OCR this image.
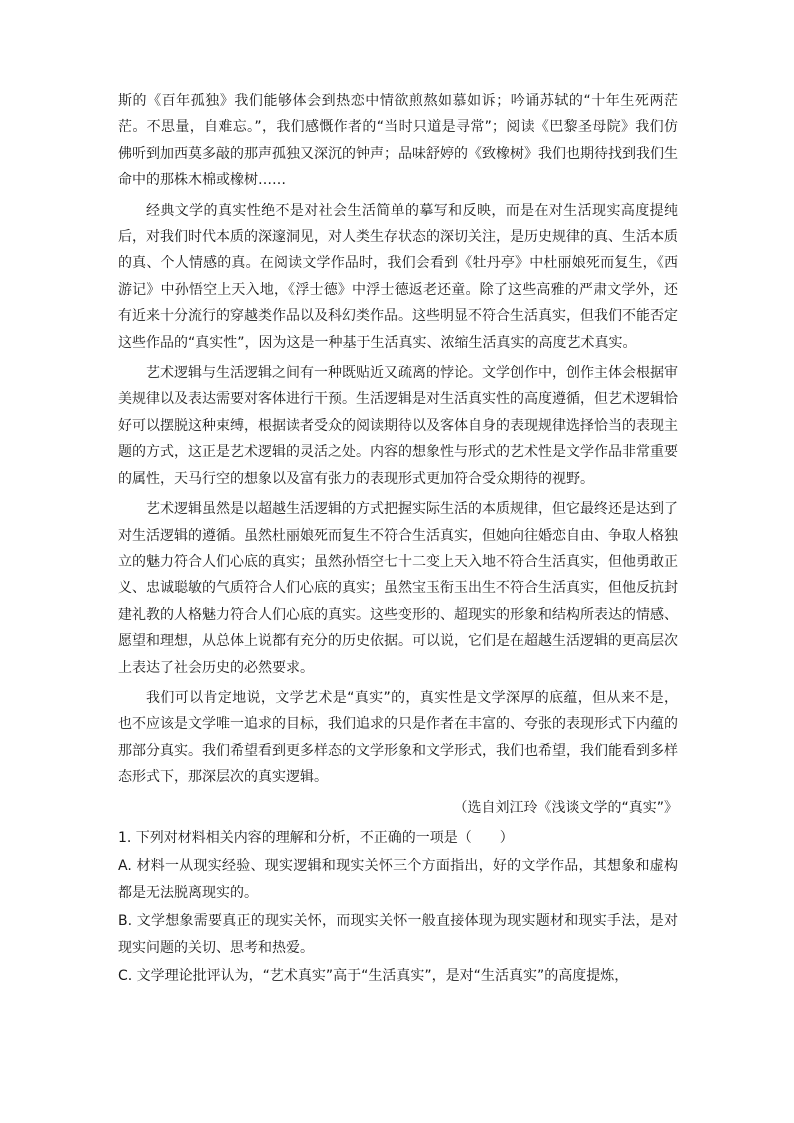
斯的《百年孤独》我们能够体会到热恋中情欲煎熬如慕如诉；吟诵苏轼的“十年生死两茫茫。不思量，自难忘。”，我们感慨作者的“当时只道是寻常”；阅读《巴黎圣母院》我们仿佛听到加西莫多敲的那声孤独又深沉的钟声；品味舒婷的《致橡树》我们也期待找到我们生命中的那株木棉或橡树……

经典文学的真实性绝不是对社会生活简单的摹写和反映，而是在对生活现实高度提纯后，对我们时代本质的深邃洞见，对人类生存状态的深切关注，是历史规律的真、生活本质的真、个人情感的真。在阅读文学作品时，我们会看到《牡丹亭》中杜丽娘死而复生，《西游记》中孙悟空上天入地，《浮士德》中浮士德返老还童。除了这些高雅的严肃文学外，还有近来十分流行的穿越类作品以及科幻类作品。这些明显不符合生活真实，但我们不能否定这些作品的“真实性”，因为这是一种基于生活真实、浓缩生活真实的高度艺术真实。

艺术逻辑与生活逻辑之间有一种既贴近又疏离的悖论。文学创作中，创作主体会根据审美规律以及表达需要对客体进行干预。生活逻辑是对生活真实性的高度遵循，但艺术逻辑恰好可以摆脱这种束缚，根据读者受众的阅读期待以及客体自身的表现规律选择恰当的表现主题的方式，这正是艺术逻辑的灵活之处。内容的想象性与形式的艺术性是文学作品非常重要的属性，天马行空的想象以及富有张力的表现形式更加符合受众期待的视野。

艺术逻辑虽然是以超越生活逻辑的方式把握实际生活的本质规律，但它最终还是达到了对生活逻辑的遵循。虽然杜丽娘死而复生不符合生活真实，但她向往婚恋自由、争取人格独立的魅力符合人们心底的真实；虽然孙悟空七十二变上天入地不符合生活真实，但他勇敢正义、忠诚聪敏的气质符合人们心底的真实；虽然宝玉衔玉出生不符合生活真实，但他反抗封建礼教的人格魅力符合人们心底的真实。这些变形的、超现实的形象和结构所表达的情感、愿望和理想，从总体上说都有充分的历史依据。可以说，它们是在超越生活逻辑的更高层次上表达了社会历史的必然要求。

我们可以肯定地说，文学艺术是“真实”的，真实性是文学深厚的底蕴，但从来不是，也不应该是文学唯一追求的目标，我们追求的只是作者在丰富的、夸张的表现形式下内蕴的那部分真实。我们希望看到更多样态的文学形象和文学形式，我们也希望，我们能看到多样态形式下，那深层次的真实逻辑。

（选自刘江玲《浅谈文学的“真实”》

1. 下列对材料相关内容的理解和分析，不正确的一项是（　　）

A. 材料一从现实经验、现实逻辑和现实关怀三个方面指出，好的文学作品，其想象和虚构都是无法脱离现实的。

B. 文学想象需要真正的现实关怀，而现实关怀一般直接体现为现实题材和现实手法，是对现实问题的关切、思考和热爱。

C. 文学理论批评认为，“艺术真实”高于“生活真实”，是对“生活真实”的高度提炼，
